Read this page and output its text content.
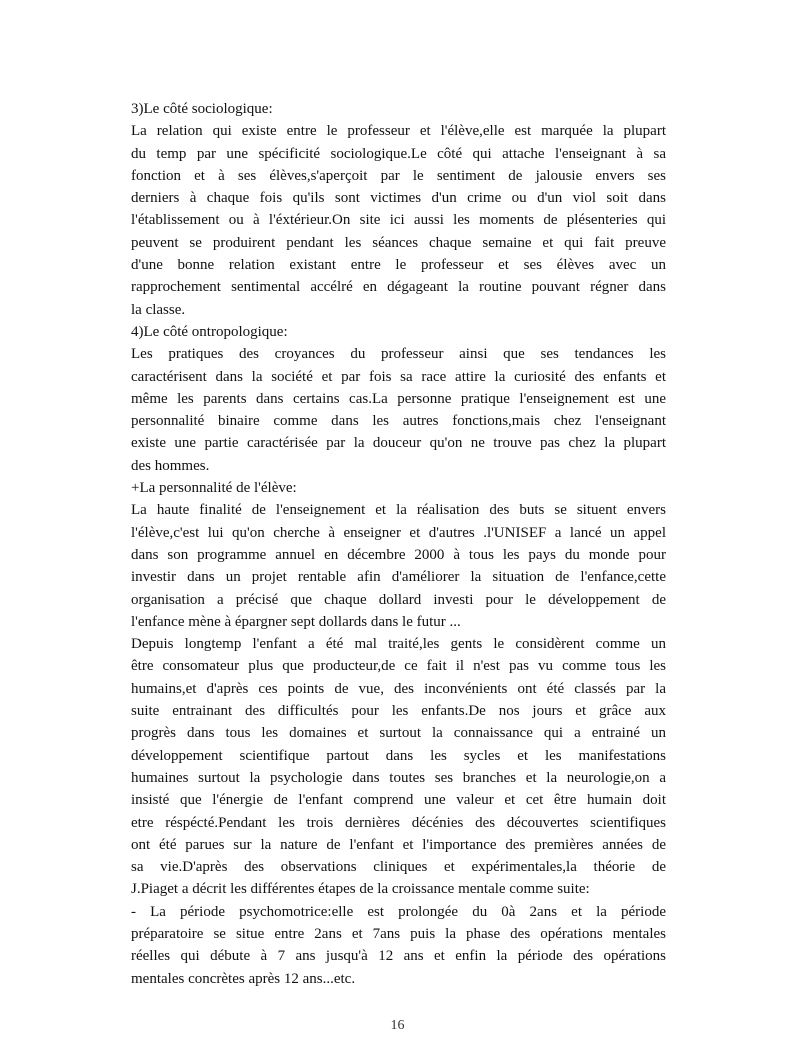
3)Le côté sociologique:
La relation qui existe entre le professeur et l'élève,elle est marquée la plupart
du temp par une spécificité sociologique.Le côté qui attache l'enseignant à sa
fonction et à ses élèves,s'aperçoit par le sentiment de jalousie envers ses
derniers à chaque fois qu'ils sont victimes d'un crime ou d'un viol soit dans
l'établissement ou à l'éxtérieur.On site ici aussi les moments de plésenteries qui
peuvent se produirent pendant les séances chaque semaine et qui fait preuve
d'une bonne relation existant entre le professeur et ses élèves avec un
rapprochement sentimental accélré en dégageant la routine pouvant régner dans
la classe.
4)Le côté ontropologique:
Les pratiques des croyances du professeur ainsi que ses tendances les
caractérisent dans la société et par fois sa race attire la curiosité des enfants et
même les parents dans certains cas.La personne pratique l'enseignement est une
personnalité binaire comme dans les autres fonctions,mais chez l'enseignant
existe une partie caractérisée par la douceur qu'on ne trouve pas chez la plupart
des hommes.
+La personnalité de l'élève:
La haute finalité de l'enseignement et la réalisation des buts se situent envers
l'élève,c'est lui qu'on cherche à enseigner et d'autres .l'UNISEF a lancé un appel
dans son programme annuel en décembre 2000 à tous les pays du monde pour
investir dans un projet rentable afin d'améliorer la situation de l'enfance,cette
organisation a précisé que chaque dollard investi pour le développement de
l'enfance mène à épargner sept dollards dans le futur ...
Depuis longtemp l'enfant a été mal traité,les gents le considèrent comme un
être consomateur plus que producteur,de ce fait il n'est pas vu comme tous les
humains,et d'après ces points de vue, des inconvénients ont été classés par la
suite entrainant des difficultés pour les enfants.De nos jours et grâce aux
progrès dans tous les domaines et surtout la connaissance qui a entrainé un
développement scientifique partout dans les sycles et les manifestations
humaines surtout la psychologie dans toutes ses branches et la neurologie,on a
insisté que l'énergie de l'enfant comprend une valeur et cet être humain doit
etre réspécté.Pendant les trois dernières décénies des découvertes scientifiques
ont été parues sur la nature de l'enfant et l'importance des premières années de
sa vie.D'après des observations cliniques et expérimentales,la théorie de
J.Piaget a décrit les différentes étapes de la croissance mentale comme suite:
- La période psychomotrice:elle est prolongée du 0à 2ans et la période
préparatoire se situe entre 2ans et 7ans puis la phase des opérations mentales
réelles qui débute à 7 ans jusqu'à 12 ans et enfin la période des opérations
mentales concrètes après 12 ans...etc.
16
